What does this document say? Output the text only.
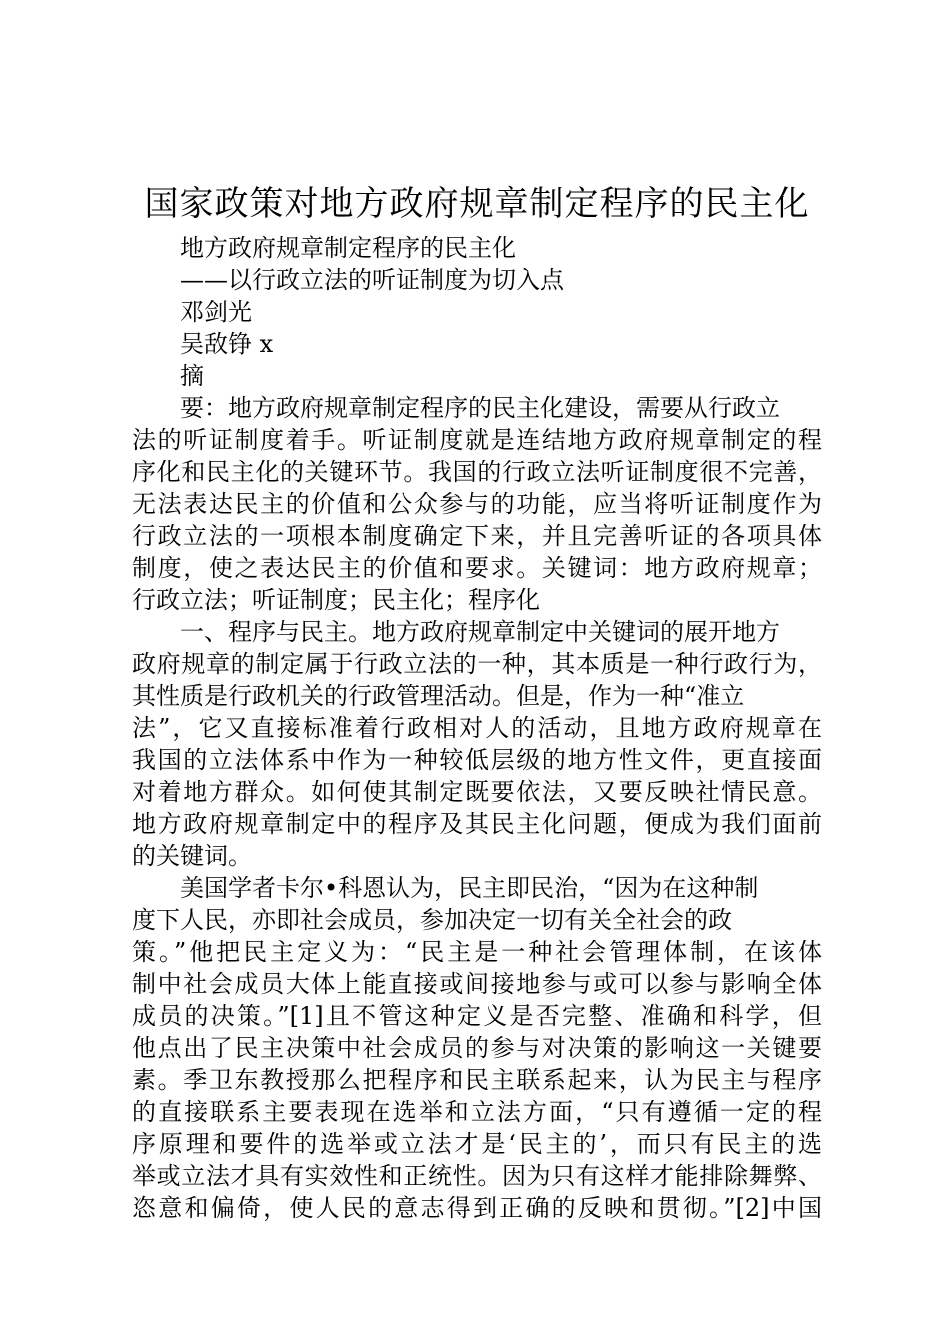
国家政策对地方政府规章制定程序的民主化
地方政府规章制定程序的民主化
——以行政立法的听证制度为切入点
邓剑光
吴敌铮 x
摘
要：地方政府规章制定程序的民主化建设，需要从行政立
法的听证制度着手。听证制度就是连结地方政府规章制定的程
序化和民主化的关键环节。我国的行政立法听证制度很不完善，
无法表达民主的价值和公众参与的功能，应当将听证制度作为
行政立法的一项根本制度确定下来，并且完善听证的各项具体
制度，使之表达民主的价值和要求。关键词：地方政府规章；
行政立法；听证制度；民主化；程序化
一、程序与民主。地方政府规章制定中关键词的展开地方
政府规章的制定属于行政立法的一种，其本质是一种行政行为，
其性质是行政机关的行政管理活动。但是，作为一种“准立
法”，它又直接标准着行政相对人的活动，且地方政府规章在
我国的立法体系中作为一种较低层级的地方性文件，更直接面
对着地方群众。如何使其制定既要依法，又要反映社情民意。
地方政府规章制定中的程序及其民主化问题，便成为我们面前
的关键词。
美国学者卡尔•科恩认为，民主即民治，“因为在这种制
度下人民，亦即社会成员，参加决定一切有关全社会的政
策。”他把民主定义为：“民主是一种社会管理体制，在该体
制中社会成员大体上能直接或间接地参与或可以参与影响全体
成员的决策。”[1]且不管这种定义是否完整、准确和科学，但
他点出了民主决策中社会成员的参与对决策的影响这一关键要
素。季卫东教授那么把程序和民主联系起来，认为民主与程序
的直接联系主要表现在选举和立法方面，“只有遵循一定的程
序原理和要件的选举或立法才是‘民主的’，而只有民主的选
举或立法才具有实效性和正统性。因为只有这样才能排除舞弊、
恣意和偏倚，使人民的意志得到正确的反映和贯彻。”[2]中国
